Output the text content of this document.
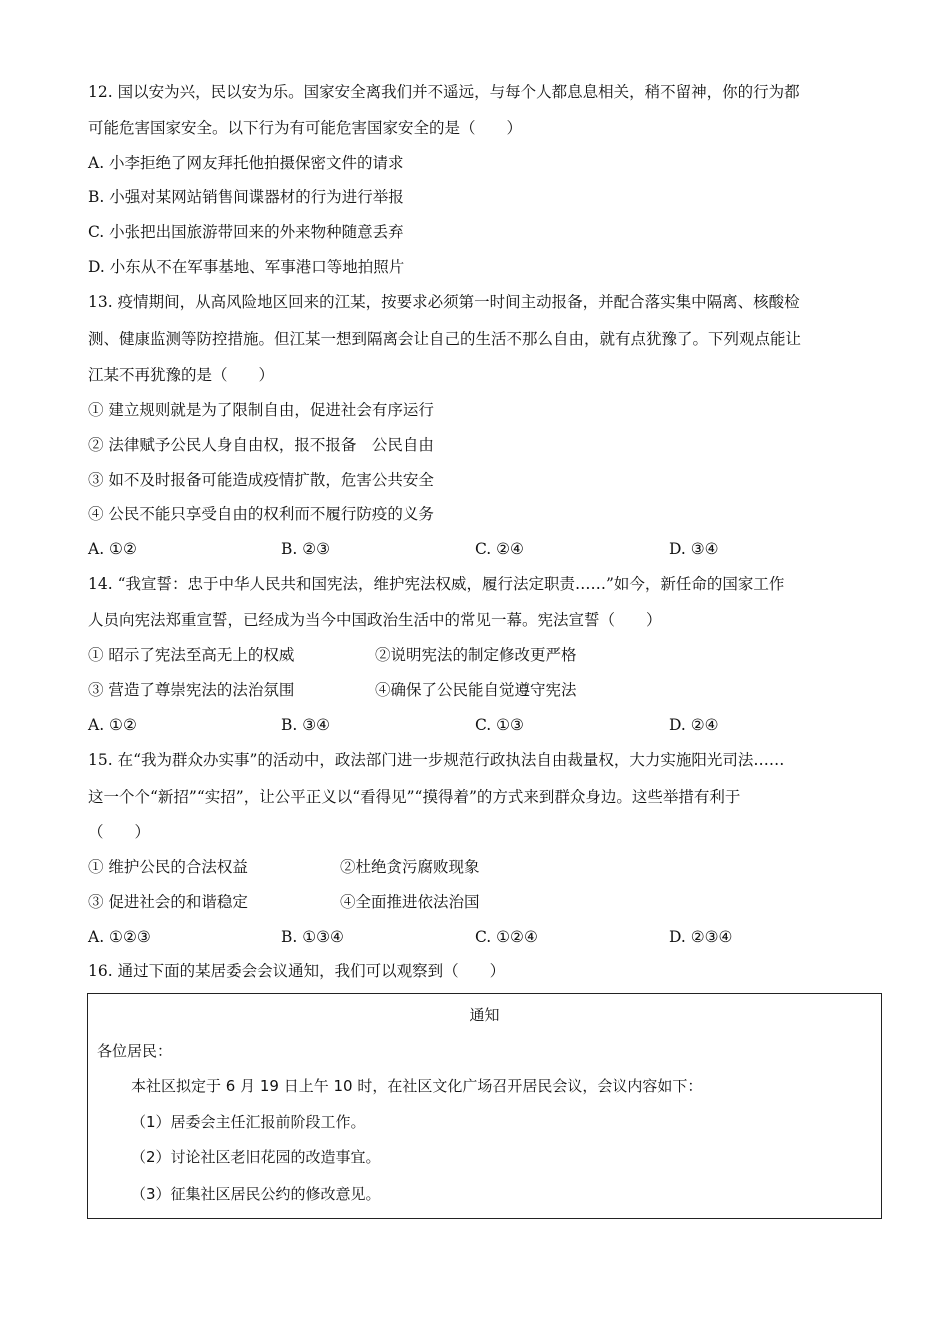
12. 国以安为兴，民以安为乐。国家安全离我们并不遥远，与每个人都息息相关，稍不留神，你的行为都
可能危害国家安全。以下行为有可能危害国家安全的是（　　）
A. 小李拒绝了网友拜托他拍摄保密文件的请求
B. 小强对某网站销售间谍器材的行为进行举报
C. 小张把出国旅游带回来的外来物种随意丢弃
D. 小东从不在军事基地、军事港口等地拍照片
13. 疫情期间，从高风险地区回来的江某，按要求必须第一时间主动报备，并配合落实集中隔离、核酸检
测、健康监测等防控措施。但江某一想到隔离会让自己的生活不那么自由，就有点犹豫了。下列观点能让
江某不再犹豫的是（　　）
① 建立规则就是为了限制自由，促进社会有序运行
② 法律赋予公民人身自由权，报不报备　公民自由
③ 如不及时报备可能造成疫情扩散，危害公共安全
④ 公民不能只享受自由的权利而不履行防疫的义务
A. ①②	B. ②③	C. ②④	D. ③④
14. “我宣誓：忠于中华人民共和国宪法，维护宪法权威，履行法定职责……”如今，新任命的国家工作
人员向宪法郑重宣誓，已经成为当今中国政治生活中的常见一幕。宪法宣誓（　　）
① 昭示了宪法至高无上的权威	②说明宪法的制定修改更严格
③ 营造了尊崇宪法的法治氛围	④确保了公民能自觉遵守宪法
A. ①②	B. ③④	C. ①③	D. ②④
15. 在“我为群众办实事”的活动中，政法部门进一步规范行政执法自由裁量权，大力实施阳光司法……
这一个个“新招”“实招”，让公平正义以“看得见”“摸得着”的方式来到群众身边。这些举措有利于
（　　）
① 维护公民的合法权益	②杜绝贪污腐败现象
③ 促进社会的和谐稳定	④全面推进依法治国
A. ①②③	B. ①③④	C. ①②④	D. ②③④
16. 通过下面的某居委会会议通知，我们可以观察到（　　）
通知
各位居民：
本社区拟定于 6 月 19 日上午 10 时，在社区文化广场召开居民会议，会议内容如下：
（1）居委会主任汇报前阶段工作。
（2）讨论社区老旧花园的改造事宜。
（3）征集社区居民公约的修改意见。
